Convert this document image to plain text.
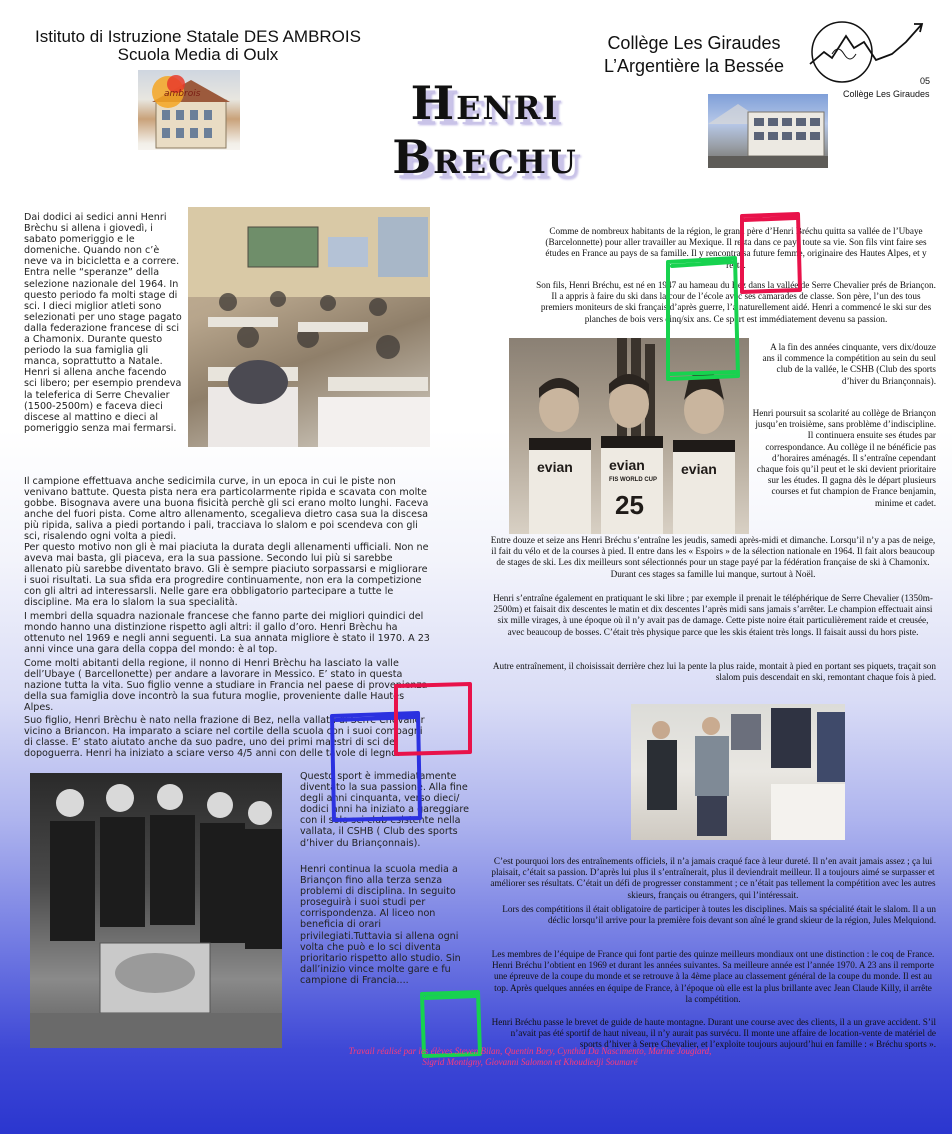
Istituto di Istruzione Statale DES AMBROIS
Scuola Media di Oulx
ambrois
Collège Les Giraudes
L’Argentière la Bessée
05
Collège Les Giraudes
Henri
Brechu

Dai dodici ai sedici anni Henri Brèchu si allena i giovedì, i sabato pomeriggio e le domeniche. Quando non c’è neve va in bicicletta e a correre. Entra nelle “speranze” della selezione nazionale del 1964. In questo periodo fa molti stage di sci. I dieci miglior atleti sono selezionati per uno stage pagato dalla federazione francese di sci a Chamonix. Durante questo periodo la sua famiglia gli manca, soprattutto a Natale. Henri si allena anche facendo sci libero; per esempio prendeva la teleferica di Serre Chevalier (1500-2500m) e faceva dieci discese al mattino e dieci al pomeriggio senza mai fermarsi.

Il campione effettuava anche sedicimila curve, in un epoca in cui le piste non venivano battute. Questa pista nera era particolarmente ripida e scavata con molte gobbe. Bisognava avere una buona fisicità perchè gli sci erano molto lunghi. Faceva anche del fuori pista. Come altro allenamento, scegalieva dietro casa sua la discesa più ripida, saliva a piedi portando i pali, tracciava lo slalom e poi scendeva con gli sci, risalendo ogni volta a piedi.

Per questo motivo non gli è mai piaciuta la durata degli allenamenti ufficiali. Non ne aveva mai basta, gli piaceva, era la sua passione. Secondo lui più si sarebbe allenato più sarebbe diventato bravo. Gli è sempre piaciuto sorpassarsi e migliorare i suoi risultati. La sua sfida era progredire continuamente, non era la competizione con gli altri ad interessarsli. Nelle gare era obbligatorio partecipare a tutte le discipline. Ma era lo slalom la sua specialità.

I membri della squadra nazionale francese che fanno parte dei migliori quindici del mondo hanno una distinzione rispetto agli altri: il gallo d’oro. Henri Brèchu ha ottenuto nel 1969 e negli anni seguenti. La sua annata migliore è stato il 1970. A 23 anni vince una gara della coppa del mondo: è al top.

Come molti abitanti della regione, il nonno di Henri Brèchu ha lasciato la valle dell’Ubaye ( Barcellonette) per andare a lavorare in Messico. E’ stato in questa nazione tutta la vita. Suo figlio venne a studiare in Francia nel paese di provenienza della sua famiglia dove incontrò la sua futura moglie, proveniente dalle Hautes Alpes.

Suo figlio, Henri Brèchu è nato nella frazione di Bez, nella vallata di Serre Chevalier vicino a Briancon. Ha imparato a sciare nel cortile della scuola con i suoi compagni di classe. E’ stato aiutato anche da suo padre, uno dei primi maestri di sci del dopoguerra. Henri ha iniziato a sciare verso 4/5 anni con delle tavole di legno.

Questo sport è immediatamente diventato la sua passione. Alla fine degli anni cinquanta, verso dieci/ dodici anni ha iniziato a gareggiare con il solo sci club esistente nella vallata, il CSHB ( Club des sports d’hiver du Briançonnais).

Henri continua la scuola media a Briançon fino alla terza senza problemi di disciplina. In seguito proseguirà i suoi studi per corrispondenza. Al liceo non beneficia di orari privilegiati.Tuttavia si allena ogni volta che può e lo sci diventa prioritario rispetto allo studio. Sin dall’inizio vince molte gare e fu campione di Francia....

Comme de nombreux habitants de la région, le grand père d’Henri Bréchu quitta sa vallée de l’Ubaye (Barcelonnette) pour aller travailler au Mexique. Il resta dans ce pays toute sa vie. Son fils vint faire ses études en France au pays de sa famille. Il y rencontra sa future femme, originaire des Hautes Alpes, et y resta.

Son fils, Henri Bréchu, est né en 1947 au hameau du Bez dans la vallée de Serre Chevalier prés de Briançon. Il a appris à faire du ski dans la cour de l’école avec ses camarades de classe. Son père, l’un des tous premiers moniteurs de ski français d’après guerre, l’a naturellement aidé. Henri a commencé le ski sur des planches de bois vers cinq/six ans. Ce sport est immédiatement devenu sa passion.

evian	evian	evian
FIS WORLD CUP
25

A la fin des années cinquante, vers dix/douze ans il commence la compétition au sein du seul club de la vallée, le CSHB (Club des sports d’hiver du Briançonnais).

Henri poursuit sa scolarité au collège de Briançon jusqu’en troisième, sans problème d’indiscipline. Il continuera ensuite ses études par correspondance. Au collège il ne bénéficie pas d’horaires aménagés. Il s’entraîne cependant chaque fois qu’il peut et le ski devient prioritaire sur les études. Il gagna dès le départ plusieurs courses et fut champion de France benjamin, minime et cadet.

Entre douze et seize ans Henri Bréchu s’entraîne les jeudis, samedi après-midi et dimanche. Lorsqu’il n’y a pas de neige, il fait du vélo et de la courses à pied. Il entre dans les « Espoirs » de la sélection nationale en 1964. Il fait alors beaucoup de stages de ski. Les dix meilleurs sont sélectionnés pour un stage payé par la fédération française de ski à Chamonix. Durant ces stages sa famille lui manque, surtout à Noël.

Henri s’entraîne également en pratiquant le ski libre ; par exemple il prenait le téléphérique de Serre Chevalier (1350m-2500m) et faisait dix descentes le matin et dix descentes l’après midi sans jamais s’arrêter. Le champion effectuait ainsi six mille virages, à une époque où il n’y avait pas de damage. Cette piste noire était particulièrement raide et creusée, avec beaucoup de bosses. C’était très physique parce que les skis étaient très longs. Il faisait aussi du hors piste.

Autre entraînement, il choisissait derrière chez lui la pente la plus raide, montait à pied en portant ses piquets, traçait son slalom puis descendait en ski, remontant chaque fois à pied.

C’est pourquoi lors des entraînements officiels, il n’a jamais craqué face à leur dureté. Il n’en avait jamais assez ; ça lui plaisait, c’était sa passion. D’après lui plus il s’entraînerait, plus il deviendrait meilleur. Il a toujours aimé se surpasser et améliorer ses résultats. C’était un défi de progresser constamment ; ce n’était pas tellement la compétition avec les autres skieurs, français ou étrangers, qui l’intéressait.

Lors des compétitions il était obligatoire de participer à toutes les disciplines. Mais sa spécialité était le slalom. Il a un déclic lorsqu’il arrive pour la première fois devant son aîné le grand skieur de la région, Jules Melquiond.

Les membres de l’équipe de France qui font partie des quinze meilleurs mondiaux ont une distinction : le coq de France. Henri Bréchu l’obtient en 1969 et durant les années suivantes. Sa meilleure année est l’année 1970. A 23 ans il remporte une épreuve de la coupe du monde et se retrouve à la 4ème place au classement général de la coupe du monde. Il est au top. Après quelques années en équipe de France, à l’époque où elle est la plus brillante avec Jean Claude Killy, il arrête la compétition.

Henri Bréchu passe le brevet de guide de haute montagne. Durant une course avec des clients, il a un grave accident. S’il n’avait pas été sportif de haut niveau, il n’y aurait pas survécu. Il monte une affaire de location-vente de matériel de sports d’hiver à Serre Chevalier, et l’exploite toujours aujourd’hui en famille : « Bréchu sports ».

Travail réalisé par les élèves Steven Bilan, Quentin Bory, Cynthia Da Nascimento, Marine Jouglard,
Sigrid Montigny, Giovanni Salomon et Khoudiedji Soumaré
